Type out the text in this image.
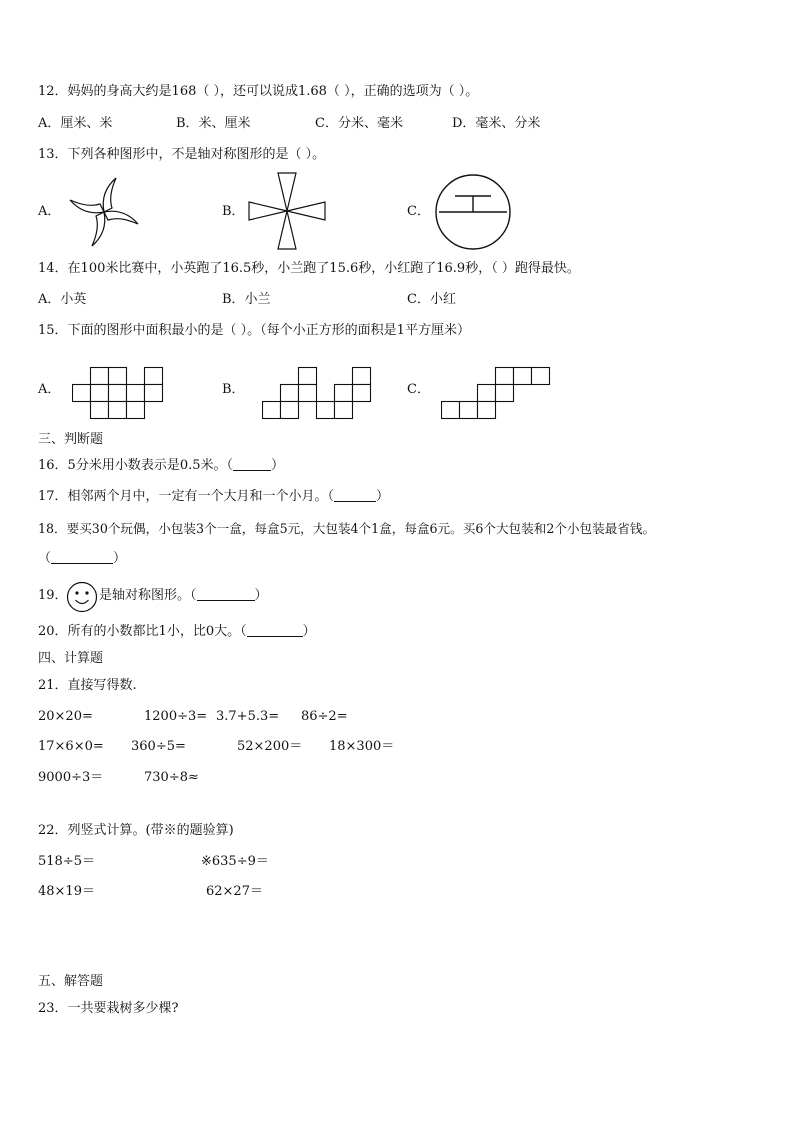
12．妈妈的身高大约是168（ ），还可以说成1.68（ ），正确的选项为（ ）。
A．厘米、米	B．米、厘米	C．分米、毫米	D．毫米、分米
13．下列各种图形中，不是轴对称图形的是（ ）。
A．	B．	C．
14．在100米比赛中，小英跑了16.5秒，小兰跑了15.6秒，小红跑了16.9秒，（ ）跑得最快。
A．小英	B．小兰	C．小红
15．下面的图形中面积最小的是（ ）。（每个小正方形的面积是1平方厘米）
A．	B．	C．
三、判断题
16．5分米用小数表示是0.5米。（	）
17．相邻两个月中，一定有一个大月和一个小月。（	）
18．要买30个玩偶，小包装3个一盒，每盒5元，大包装4个1盒，每盒6元。买6个大包装和2个小包装最省钱。
（	）
19． 是轴对称图形。（	）
20．所有的小数都比1小，比0大。（	）
四、计算题
21．直接写得数.
20×20=	1200÷3= 3.7+5.3= 86÷2=
17×6×0= 360÷5=	52×200＝ 18×300＝
9000÷3＝	730÷8≈
22．列竖式计算。(带※的题验算)
518÷5＝	※635÷9＝
48×19＝	62×27＝
五、解答题
23．一共要栽树多少棵?
